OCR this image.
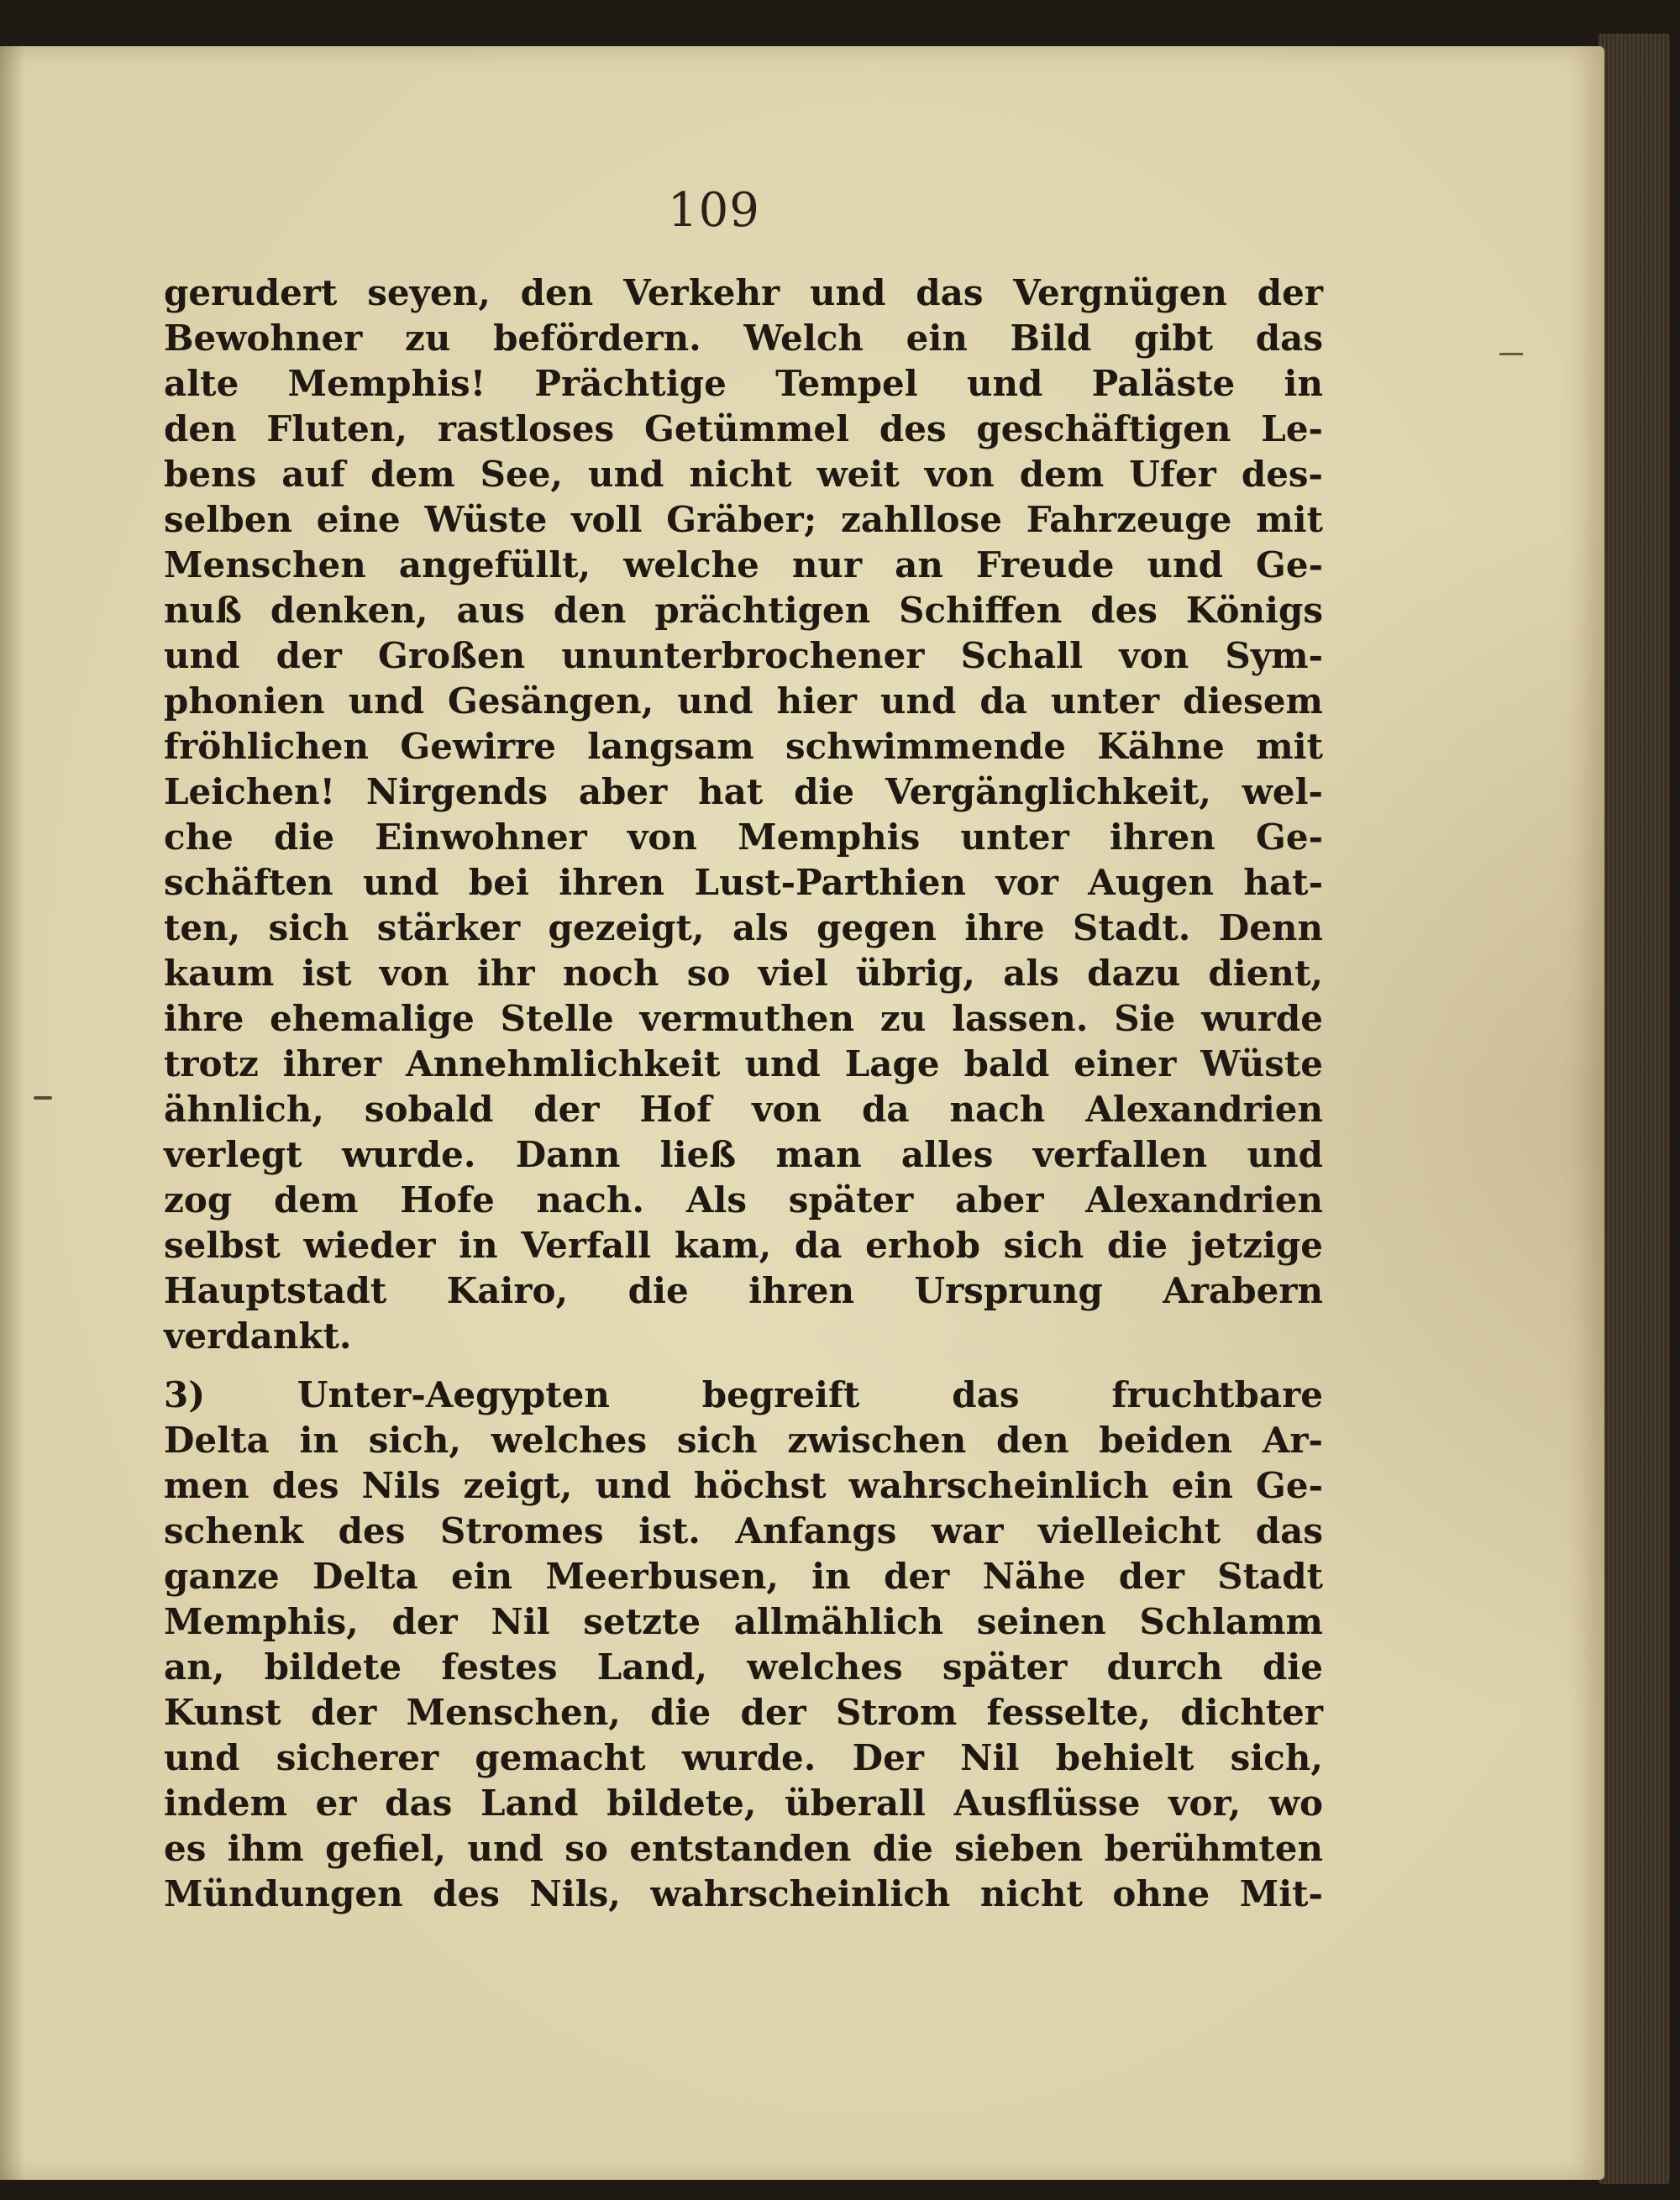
109
gerudert seyen, den Verkehr und das Vergnügen der
Bewohner zu befördern. Welch ein Bild gibt das
alte Memphis! Prächtige Tempel und Paläste in
den Fluten, rastloses Getümmel des geschäftigen Le-
bens auf dem See, und nicht weit von dem Ufer des-
selben eine Wüste voll Gräber; zahllose Fahrzeuge mit
Menschen angefüllt, welche nur an Freude und Ge-
nuß denken, aus den prächtigen Schiffen des Königs
und der Großen ununterbrochener Schall von Sym-
phonien und Gesängen, und hier und da unter diesem
fröhlichen Gewirre langsam schwimmende Kähne mit
Leichen! Nirgends aber hat die Vergänglichkeit, wel-
che die Einwohner von Memphis unter ihren Ge-
schäften und bei ihren Lust-Parthien vor Augen hat-
ten, sich stärker gezeigt, als gegen ihre Stadt. Denn
kaum ist von ihr noch so viel übrig, als dazu dient,
ihre ehemalige Stelle vermuthen zu lassen. Sie wurde
trotz ihrer Annehmlichkeit und Lage bald einer Wüste
ähnlich, sobald der Hof von da nach Alexandrien
verlegt wurde. Dann ließ man alles verfallen und
zog dem Hofe nach. Als später aber Alexandrien
selbst wieder in Verfall kam, da erhob sich die jetzige
Hauptstadt Kairo, die ihren Ursprung Arabern
verdankt.
3) Unter-Aegypten begreift das fruchtbare
Delta in sich, welches sich zwischen den beiden Ar-
men des Nils zeigt, und höchst wahrscheinlich ein Ge-
schenk des Stromes ist. Anfangs war vielleicht das
ganze Delta ein Meerbusen, in der Nähe der Stadt
Memphis, der Nil setzte allmählich seinen Schlamm
an, bildete festes Land, welches später durch die
Kunst der Menschen, die der Strom fesselte, dichter
und sicherer gemacht wurde. Der Nil behielt sich,
indem er das Land bildete, überall Ausflüsse vor, wo
es ihm gefiel, und so entstanden die sieben berühmten
Mündungen des Nils, wahrscheinlich nicht ohne Mit-
